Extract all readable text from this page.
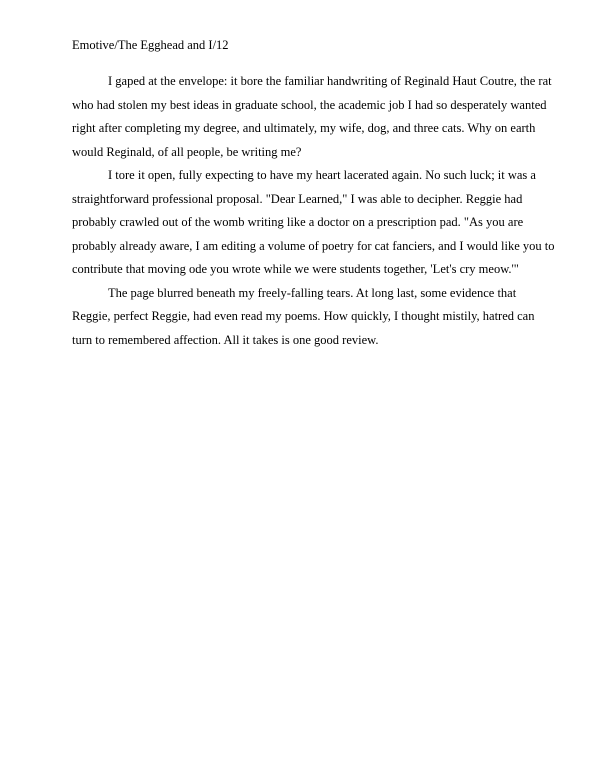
Emotive/The Egghead and I/12
I gaped at the envelope: it bore the familiar handwriting of Reginald Haut Coutre, the rat
who had stolen my best ideas in graduate school, the academic job I had so desperately wanted
right after completing my degree, and ultimately, my wife, dog, and three cats. Why on earth
would Reginald, of all people, be writing me?
I tore it open, fully expecting to have my heart lacerated again. No such luck; it was a
straightforward professional proposal. "Dear Learned," I was able to decipher. Reggie had
probably crawled out of the womb writing like a doctor on a prescription pad. "As you are
probably already aware, I am editing a volume of poetry for cat fanciers, and I would like you to
contribute that moving ode you wrote while we were students together, 'Let's cry meow.'"
The page blurred beneath my freely-falling tears. At long last, some evidence that
Reggie, perfect Reggie, had even read my poems. How quickly, I thought mistily, hatred can
turn to remembered affection. All it takes is one good review.
